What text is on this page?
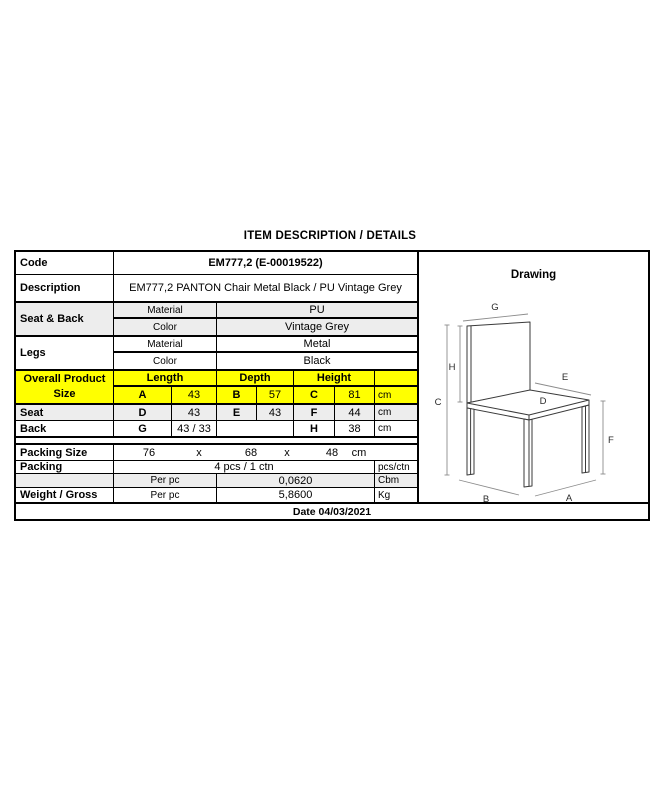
ITEM DESCRIPTION / DETAILS
Code	EM777,2 (E-00019522)
Description	EM777,2 PANTON Chair Metal Black / PU Vintage Grey
Seat & Back
Material	PU
Color	Vintage Grey
Legs
Material	Metal
Color	Black
Overall Product Size
Length	Depth	Height
A	43	B	57	C	81	cm
Seat	D	43	E	43	F	44	cm
Back	G	43 / 33	H	38	cm
Packing Size	76	x	68 x	48 cm
Packing	4 pcs / 1 ctn	pcs/ctn
Per pc	0,0620	Cbm
Weight / Gross	Per pc	5,8600	Kg
Drawing
G
H
C
E
D
F
B	A
Date 04/03/2021
